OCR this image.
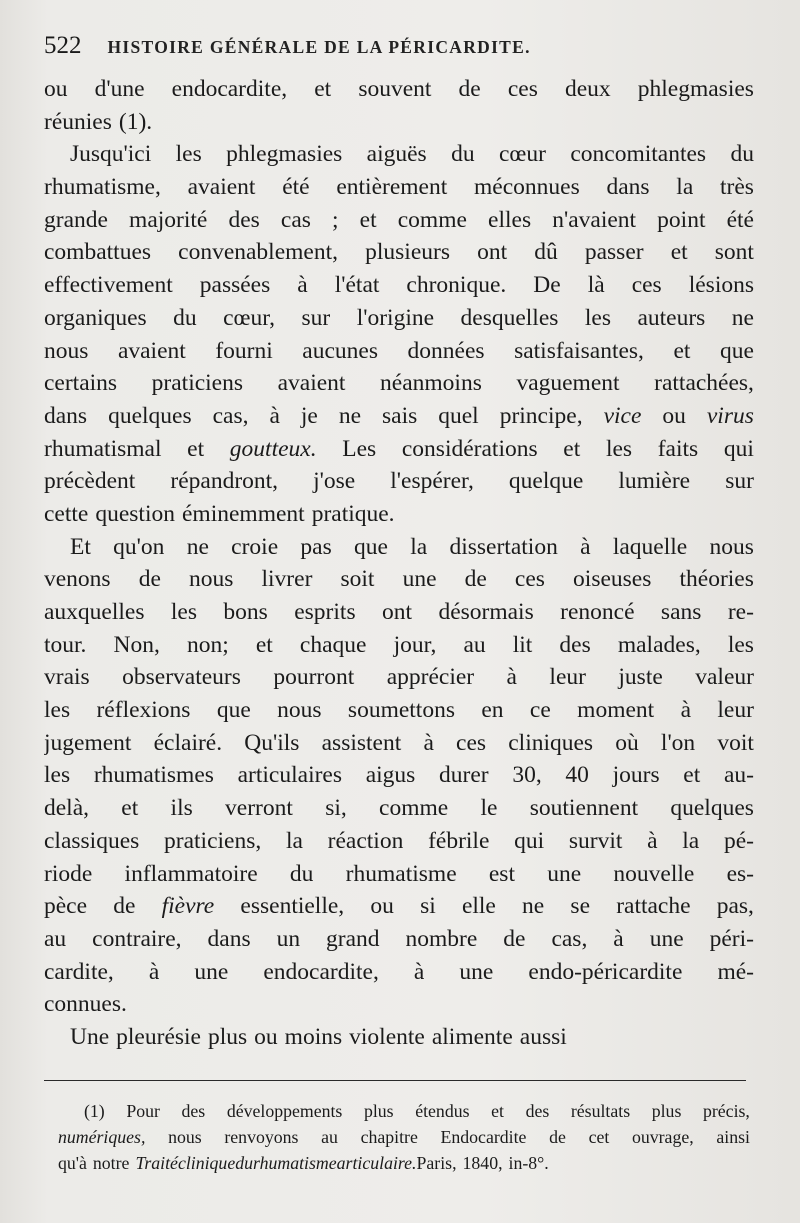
522 HISTOIRE GÉNÉRALE DE LA PÉRICARDITE.
ou d'une endocardite, et souvent de ces deux phlegmasies
réunies (1).
Jusqu'ici les phlegmasies aiguës du cœur concomitantes du
rhumatisme, avaient été entièrement méconnues dans la très
grande majorité des cas ; et comme elles n'avaient point été
combattues convenablement, plusieurs ont dû passer et sont
effectivement passées à l'état chronique. De là ces lésions
organiques du cœur, sur l'origine desquelles les auteurs ne
nous avaient fourni aucunes données satisfaisantes, et que
certains praticiens avaient néanmoins vaguement rattachées,
dans quelques cas, à je ne sais quel principe, vice ou virus
rhumatismal et goutteux. Les considérations et les faits qui
précèdent répandront, j'ose l'espérer, quelque lumière sur
cette question éminemment pratique.
Et qu'on ne croie pas que la dissertation à laquelle nous
venons de nous livrer soit une de ces oiseuses théories
auxquelles les bons esprits ont désormais renoncé sans re-
tour. Non, non; et chaque jour, au lit des malades, les
vrais observateurs pourront apprécier à leur juste valeur
les réflexions que nous soumettons en ce moment à leur
jugement éclairé. Qu'ils assistent à ces cliniques où l'on voit
les rhumatismes articulaires aigus durer 30, 40 jours et au-
delà, et ils verront si, comme le soutiennent quelques
classiques praticiens, la réaction fébrile qui survit à la pé-
riode inflammatoire du rhumatisme est une nouvelle es-
pèce de fièvre essentielle, ou si elle ne se rattache pas,
au contraire, dans un grand nombre de cas, à une péri-
cardite, à une endocardite, à une endo-péricardite mé-
connues.
Une pleurésie plus ou moins violente alimente aussi
(1) Pour des développements plus étendus et des résultats plus précis,
numériques, nous renvoyons au chapitre Endocardite de cet ouvrage, ainsi
qu'à notre Traité clinique du rhumatisme articulaire. Paris, 1840, in-8°.
